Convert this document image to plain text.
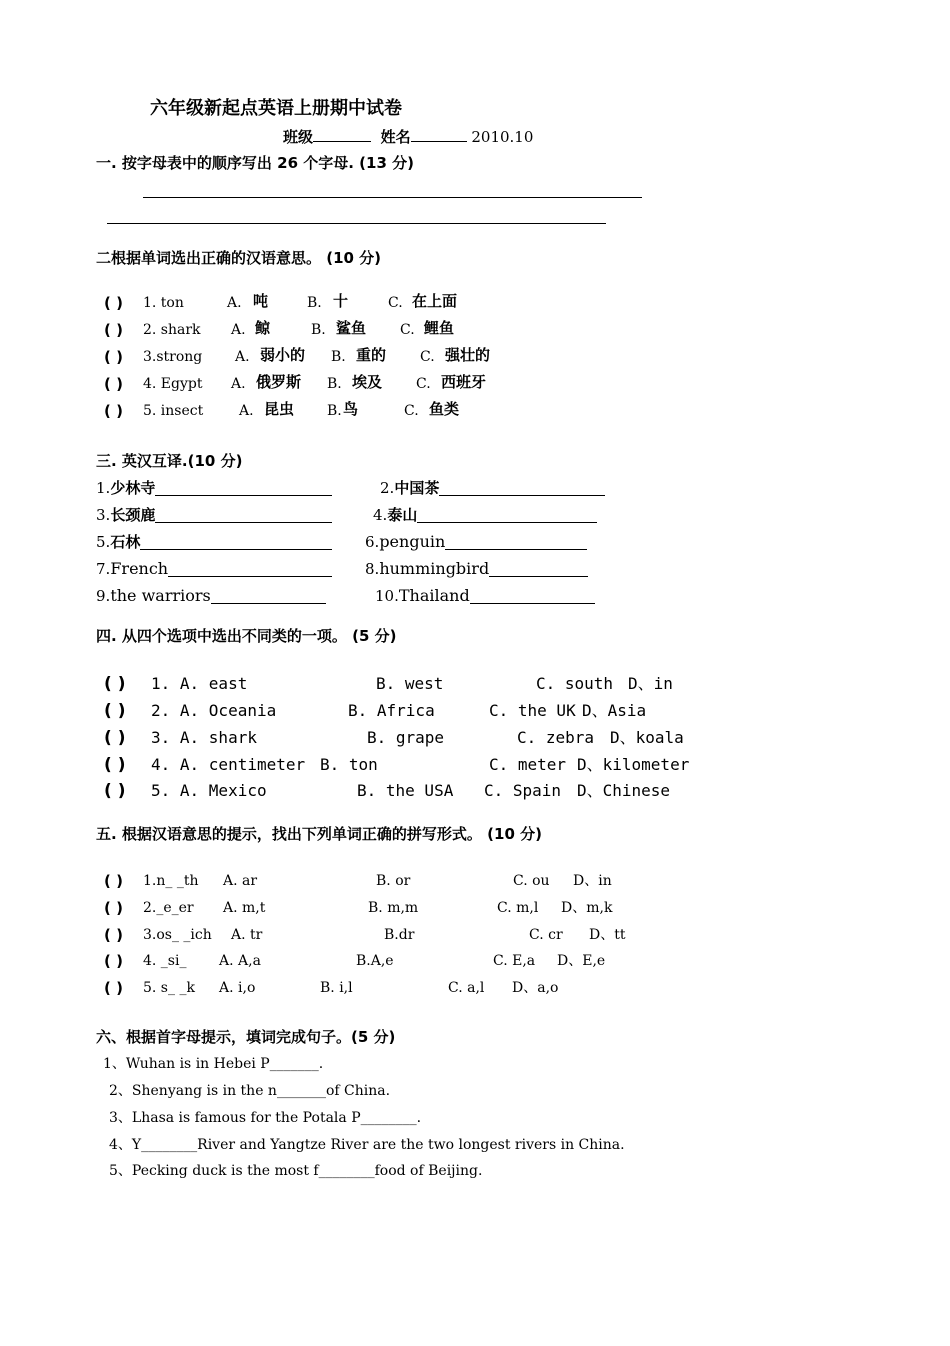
六年级新起点英语上册期中试卷
班级	姓名	2010.10
一. 按字母表中的顺序写出 26 个字母. (13 分)
二根据单词选出正确的汉语意思。 (10 分)
( ) 1. ton	A. 吨	B. 十	C. 在上面
( ) 2. shark A. 鲸	B. 鲨鱼 C. 鲤鱼
( ) 3.strong A. 弱小的 B. 重的 C. 强壮的
( ) 4. Egypt A. 俄罗斯 B. 埃及 C. 西班牙
( ) 5. insect	A. 昆虫 B. 鸟	C. 鱼类
三. 英汉互译.(10 分)
1.少林寺	2.中国茶
3.长颈鹿	4.泰山
5.石林	6.penguin
7.French	8.hummingbird
9.the warriors	10.Thailand
四. 从四个选项中选出不同类的一项。 (5 分)
( ) 1. A. east	B. west	C. south D、in
( ) 2. A. Oceania	B. Africa	C. the UK D、Asia
( ) 3. A. shark	B. grape	C. zebra D、koala
( ) 4. A. centimeter B. ton	C. meter D、kilometer
( ) 5. A. Mexico	B. the USA C. Spain D、Chinese
五. 根据汉语意思的提示，找出下列单词正确的拼写形式。 (10 分)
( ) 1.n_ _th A. ar	B. or	C. ou D、in
( ) 2._e_er A. m,t	B. m,m	C. m,l D、m,k
( ) 3.os_ _ich A. tr	B.dr	C. cr D、tt
( ) 4. _si_ A. A,a	B.A,e	C. E,a D、E,e
( ) 5. s_ _k A. i,o	B. i,l	C. a,l D、a,o
六、根据首字母提示，填词完成句子。(5 分)
1、Wuhan is in Hebei P_______.
2、Shenyang is in the n_______of China.
3、Lhasa is famous for the Potala P________.
4、Y________River and Yangtze River are the two longest rivers in China.
5、Pecking duck is the most f________food of Beijing.
